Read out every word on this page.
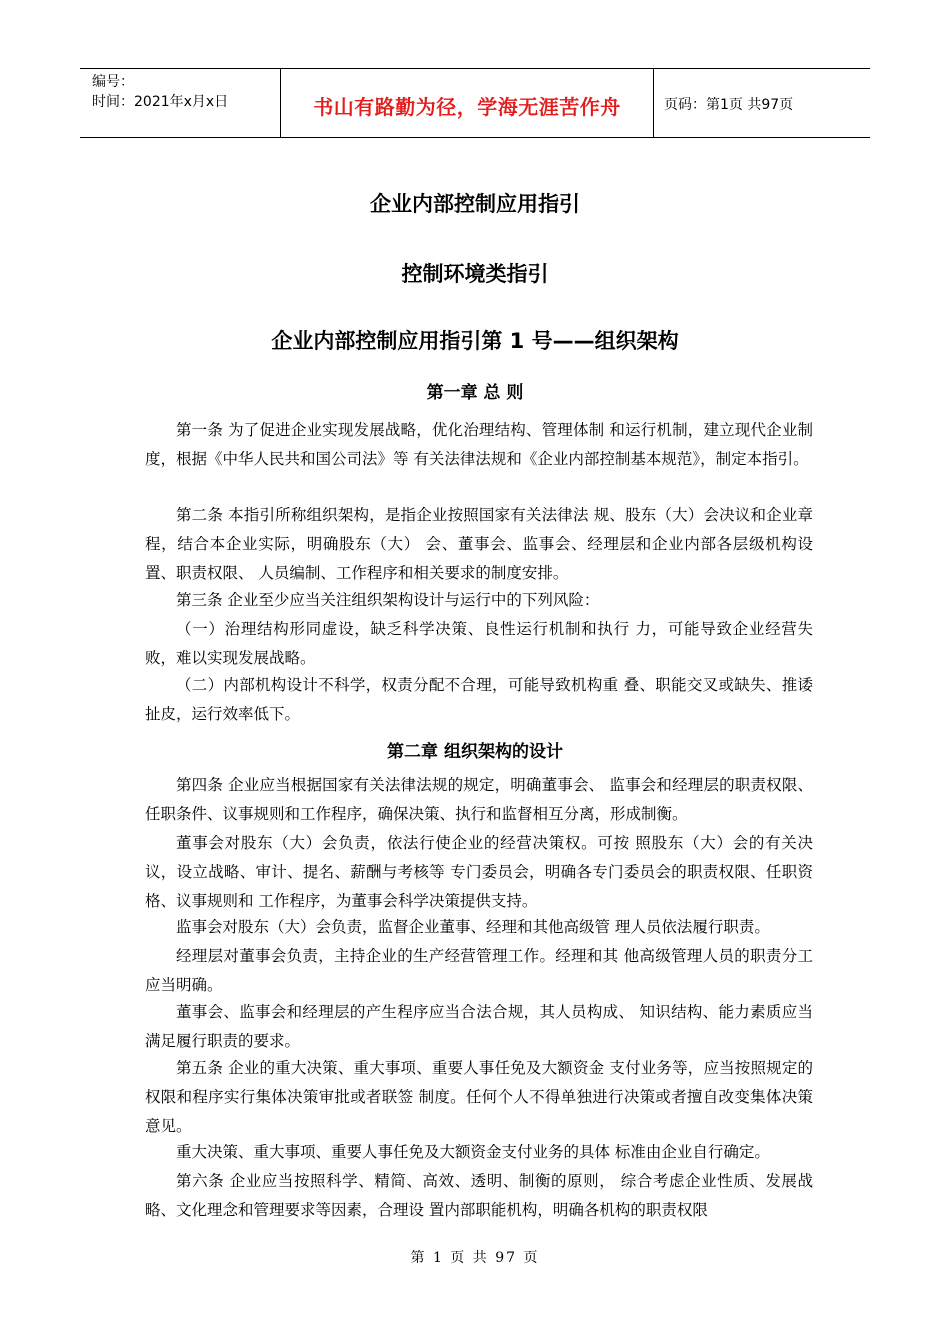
编号：
时间：2021年x月x日	书山有路勤为径，学海无涯苦作舟	页码：第1页 共97页
企业内部控制应用指引
控制环境类指引
企业内部控制应用指引第 1 号——组织架构
第一章 总 则
第一条 为了促进企业实现发展战略，优化治理结构、管理体制 和运行机制，建立现代企业制度，根据《中华人民共和国公司法》等 有关法律法规和《企业内部控制基本规范》，制定本指引。
第二条 本指引所称组织架构，是指企业按照国家有关法律法 规、股东（大）会决议和企业章程，结合本企业实际，明确股东（大） 会、董事会、监事会、经理层和企业内部各层级机构设置、职责权限、 人员编制、工作程序和相关要求的制度安排。
第三条 企业至少应当关注组织架构设计与运行中的下列风险：
（一）治理结构形同虚设，缺乏科学决策、良性运行机制和执行 力，可能导致企业经营失败，难以实现发展战略。
（二）内部机构设计不科学，权责分配不合理，可能导致机构重 叠、职能交叉或缺失、推诿扯皮，运行效率低下。
第二章 组织架构的设计
第四条 企业应当根据国家有关法律法规的规定，明确董事会、 监事会和经理层的职责权限、任职条件、议事规则和工作程序，确保决策、执行和监督相互分离，形成制衡。
董事会对股东（大）会负责，依法行使企业的经营决策权。可按 照股东（大）会的有关决议，设立战略、审计、提名、薪酬与考核等 专门委员会，明确各专门委员会的职责权限、任职资格、议事规则和 工作程序，为董事会科学决策提供支持。
监事会对股东（大）会负责，监督企业董事、经理和其他高级管 理人员依法履行职责。
经理层对董事会负责，主持企业的生产经营管理工作。经理和其 他高级管理人员的职责分工应当明确。
董事会、监事会和经理层的产生程序应当合法合规，其人员构成、 知识结构、能力素质应当满足履行职责的要求。
第五条 企业的重大决策、重大事项、重要人事任免及大额资金 支付业务等，应当按照规定的权限和程序实行集体决策审批或者联签 制度。任何个人不得单独进行决策或者擅自改变集体决策意见。
重大决策、重大事项、重要人事任免及大额资金支付业务的具体 标准由企业自行确定。
第六条 企业应当按照科学、精简、高效、透明、制衡的原则， 综合考虑企业性质、发展战略、文化理念和管理要求等因素，合理设 置内部职能机构，明确各机构的职责权限
第 1 页 共 97 页
